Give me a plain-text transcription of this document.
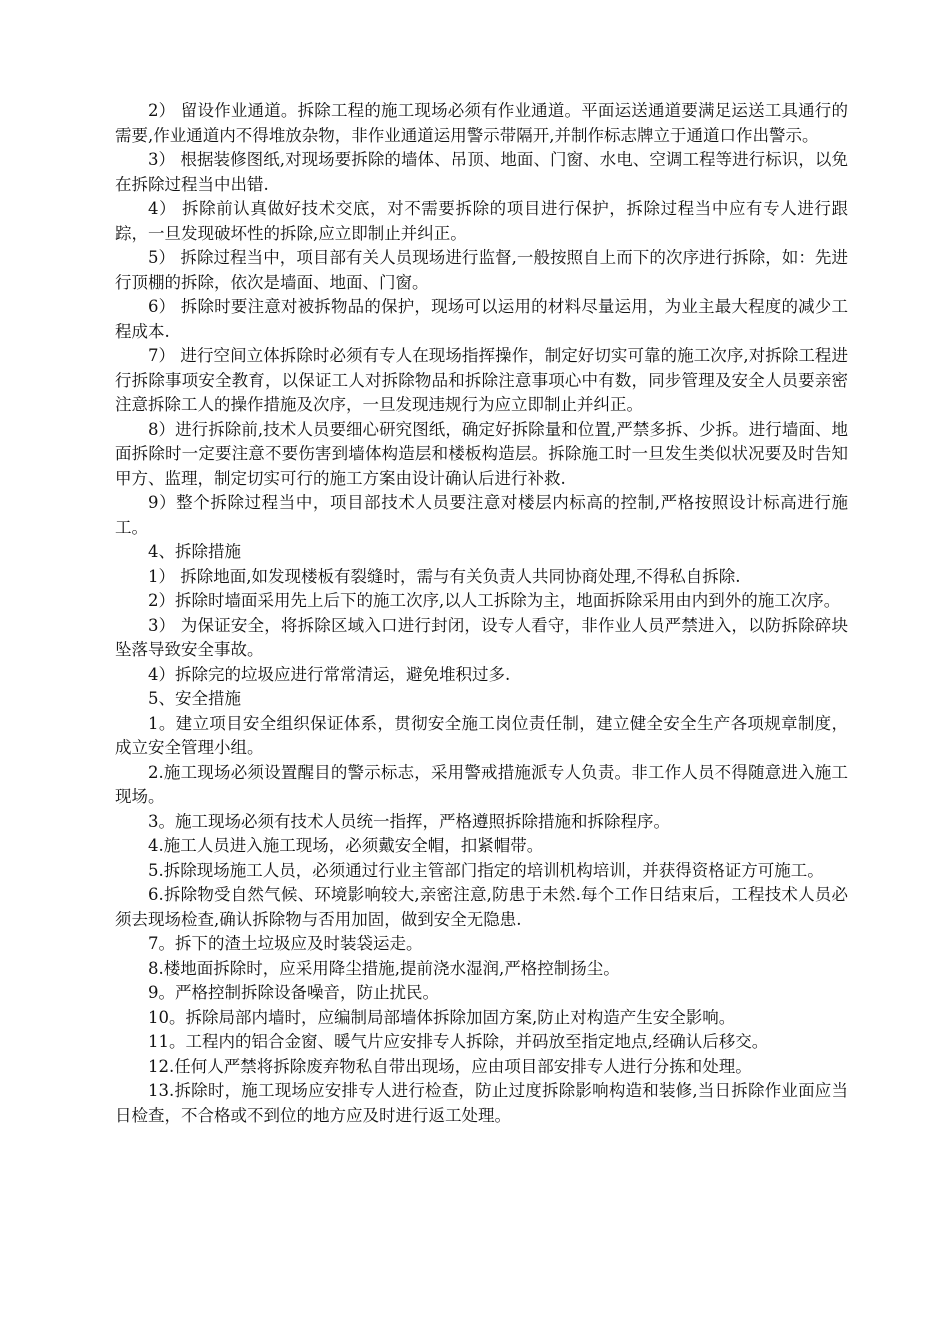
2） 留设作业通道。拆除工程的施工现场必须有作业通道。平面运送通道要满足运送工具通行的需要,作业通道内不得堆放杂物，非作业通道运用警示带隔开,并制作标志牌立于通道口作出警示。

3） 根据装修图纸,对现场要拆除的墙体、吊顶、地面、门窗、水电、空调工程等进行标识，以免在拆除过程当中出错.

4） 拆除前认真做好技术交底，对不需要拆除的项目进行保护，拆除过程当中应有专人进行跟踪，一旦发现破坏性的拆除,应立即制止并纠正。

5） 拆除过程当中，项目部有关人员现场进行监督,一般按照自上而下的次序进行拆除，如：先进行顶棚的拆除，依次是墙面、地面、门窗。

6） 拆除时要注意对被拆物品的保护，现场可以运用的材料尽量运用，为业主最大程度的减少工程成本.

7） 进行空间立体拆除时必须有专人在现场指挥操作，制定好切实可靠的施工次序,对拆除工程进行拆除事项安全教育，以保证工人对拆除物品和拆除注意事项心中有数，同步管理及安全人员要亲密注意拆除工人的操作措施及次序，一旦发现违规行为应立即制止并纠正。

8）进行拆除前,技术人员要细心研究图纸，确定好拆除量和位置,严禁多拆、少拆。进行墙面、地面拆除时一定要注意不要伤害到墙体构造层和楼板构造层。拆除施工时一旦发生类似状况要及时告知甲方、监理，制定切实可行的施工方案由设计确认后进行补救.

9）整个拆除过程当中，项目部技术人员要注意对楼层内标高的控制,严格按照设计标高进行施工。

4、拆除措施

1） 拆除地面,如发现楼板有裂缝时，需与有关负责人共同协商处理,不得私自拆除.

2）拆除时墙面采用先上后下的施工次序,以人工拆除为主，地面拆除采用由内到外的施工次序。

3） 为保证安全，将拆除区域入口进行封闭，设专人看守，非作业人员严禁进入，以防拆除碎块坠落导致安全事故。

4）拆除完的垃圾应进行常常清运，避免堆积过多.

5、安全措施

1。建立项目安全组织保证体系，贯彻安全施工岗位责任制，建立健全安全生产各项规章制度，成立安全管理小组。

2.施工现场必须设置醒目的警示标志，采用警戒措施派专人负责。非工作人员不得随意进入施工现场。

3。施工现场必须有技术人员统一指挥，严格遵照拆除措施和拆除程序。

4.施工人员进入施工现场，必须戴安全帽，扣紧帽带。

5.拆除现场施工人员，必须通过行业主管部门指定的培训机构培训，并获得资格证方可施工。

6.拆除物受自然气候、环境影响较大,亲密注意,防患于未然.每个工作日结束后，工程技术人员必须去现场检查,确认拆除物与否用加固，做到安全无隐患.

7。拆下的渣土垃圾应及时装袋运走。

8.楼地面拆除时，应采用降尘措施,提前浇水湿润,严格控制扬尘。

9。严格控制拆除设备噪音，防止扰民。

10。拆除局部内墙时，应编制局部墙体拆除加固方案,防止对构造产生安全影响。

11。工程内的铝合金窗、暖气片应安排专人拆除，并码放至指定地点,经确认后移交。

12.任何人严禁将拆除废弃物私自带出现场，应由项目部安排专人进行分拣和处理。

13.拆除时，施工现场应安排专人进行检查，防止过度拆除影响构造和装修,当日拆除作业面应当日检查，不合格或不到位的地方应及时进行返工处理。
